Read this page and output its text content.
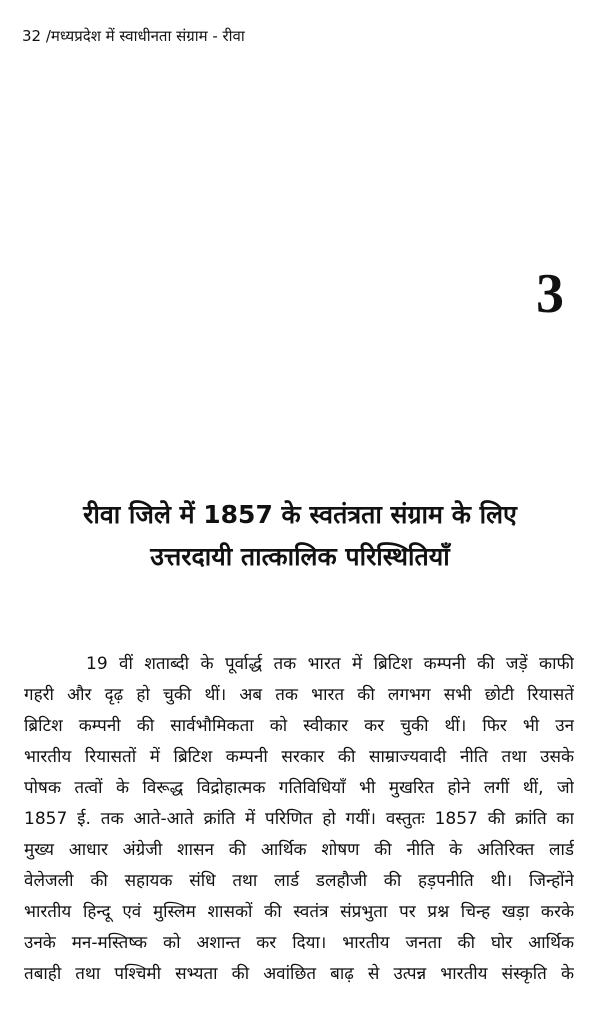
32 /मध्यप्रदेश में स्वाधीनता संग्राम - रीवा
3
रीवा जिले में 1857 के स्वतंत्रता संग्राम के लिए
उत्तरदायी तात्कालिक परिस्थितियाँ
19 वीं शताब्दी के पूर्वार्द्ध तक भारत में ब्रिटिश कम्पनी की जड़ें काफी
गहरी और दृढ़ हो चुकी थीं। अब तक भारत की लगभग सभी छोटी रियासतें
ब्रिटिश कम्पनी की सार्वभौमिकता को स्वीकार कर चुकी थीं। फिर भी उन
भारतीय रियासतों में ब्रिटिश कम्पनी सरकार की साम्राज्यवादी नीति तथा उसके
पोषक तत्वों के विरूद्ध विद्रोहात्मक गतिविधियाँ भी मुखरित होने लगीं थीं, जो
1857 ई. तक आते-आते क्रांति में परिणित हो गयीं। वस्तुतः 1857 की क्रांति का
मुख्य आधार अंग्रेजी शासन की आर्थिक शोषण की नीति के अतिरिक्त लार्ड
वेलेजली की सहायक संधि तथा लार्ड डलहौजी की हड़पनीति थी। जिन्होंने
भारतीय हिन्दू एवं मुस्लिम शासकों की स्वतंत्र संप्रभुता पर प्रश्न चिन्ह खड़ा करके
उनके मन-मस्तिष्क को अशान्त कर दिया। भारतीय जनता की घोर आर्थिक
तबाही तथा पश्चिमी सभ्यता की अवांछित बाढ़ से उत्पन्न भारतीय संस्कृति के
